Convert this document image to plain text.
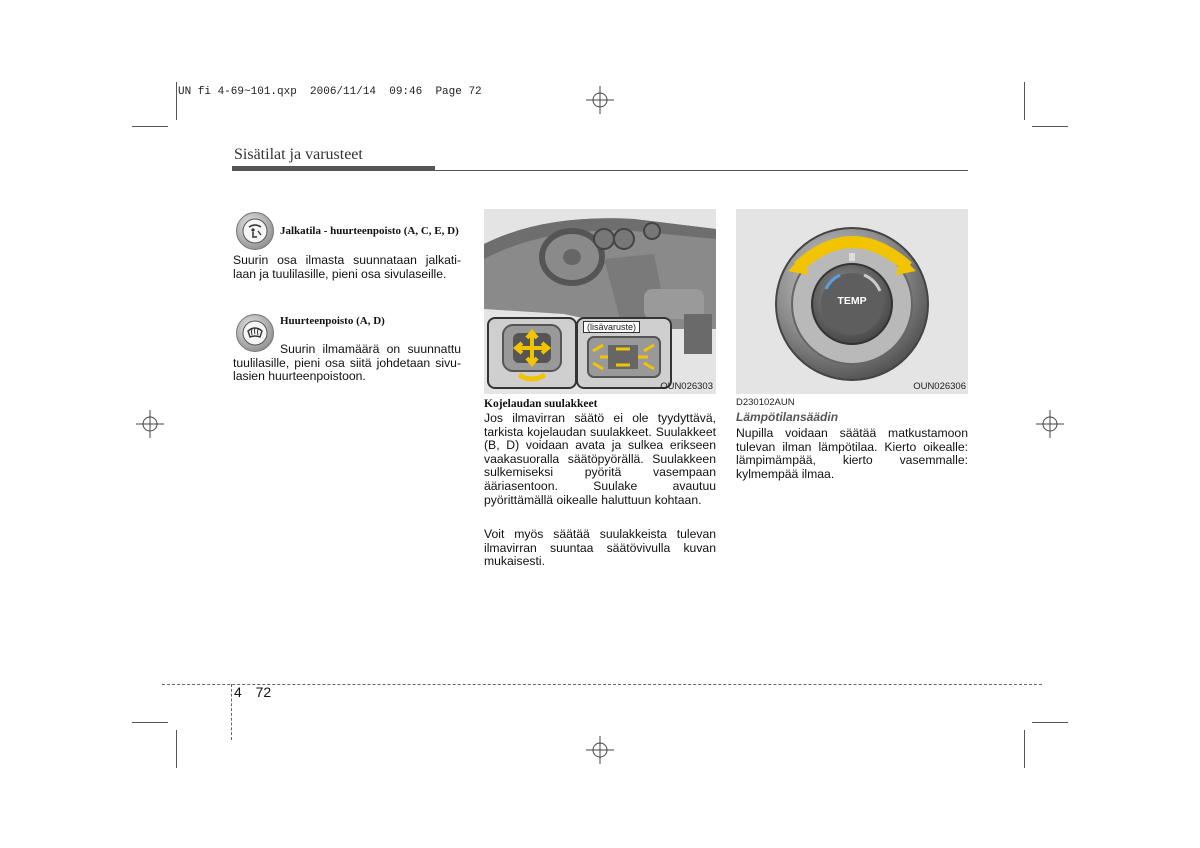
UN fi 4-69~101.qxp  2006/11/14  09:46  Page 72
Sisätilat ja varusteet
Jalkatila - huurteenpoisto (A, C, E, D)
Suurin osa ilmasta suunnataan jalkati-laan ja tuulilasille, pieni osa sivulaseille.
Huurteenpoisto (A, D)
Suurin ilmamäärä on suunnattu tuulilasille, pieni osa siitä johdetaan sivu-lasien huurteenpoistoon.
(lisävaruste)
OUN026303
Kojelaudan suulakkeet
Jos ilmavirran säätö ei ole tyydyttävä, tarkista kojelaudan suulakkeet. Suulakkeet (B, D) voidaan avata ja sulkea erikseen vaakasuoralla säätöpyörällä. Suulakkeen sulkemiseksi pyöritä vasempaan ääriasentoon. Suulake avautuu pyörittämällä oikealle haluttuun kohtaan.
Voit myös säätää suulakkeista tulevan ilmavirran suuntaa säätövivulla kuvan mukaisesti.
TEMP
OUN026306
D230102AUN
Lämpötilansäädin
Nupilla voidaan säätää matkustamoon tulevan ilman lämpötilaa. Kierto oikealle: lämpimämpää, kierto vasemmalle: kylmempää ilmaa.
4 72
